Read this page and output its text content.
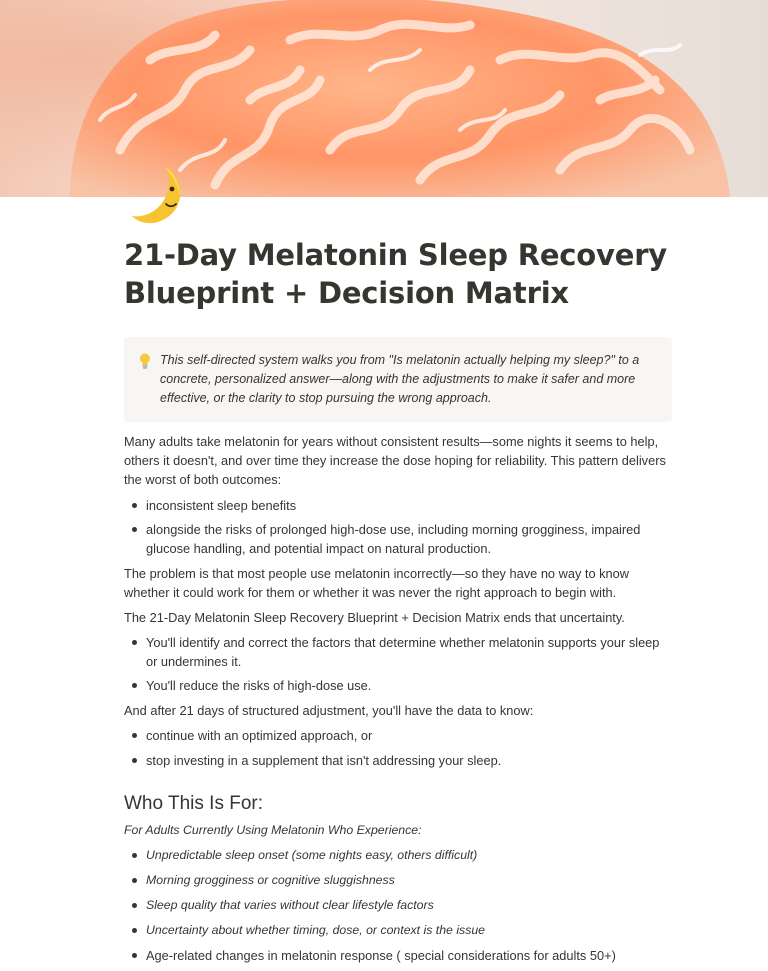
21-Day Melatonin Sleep Recovery
Blueprint + Decision Matrix
This self-directed system walks you from "Is melatonin actually helping my sleep?" to a concrete, personalized answer—along with the adjustments to make it safer and more effective, or the clarity to stop pursuing the wrong approach.

Many adults take melatonin for years without consistent results—some nights it seems to help, others it doesn't, and over time they increase the dose hoping for reliability. This pattern delivers the worst of both outcomes:

inconsistent sleep benefits
alongside the risks of prolonged high-dose use, including morning grogginess, impaired glucose handling, and potential impact on natural production.

The problem is that most people use melatonin incorrectly—so they have no way to know whether it could work for them or whether it was never the right approach to begin with.

The 21-Day Melatonin Sleep Recovery Blueprint + Decision Matrix ends that uncertainty.

You'll identify and correct the factors that determine whether melatonin supports your sleep or undermines it.
You'll reduce the risks of high-dose use.

And after 21 days of structured adjustment, you'll have the data to know:

continue with an optimized approach, or
stop investing in a supplement that isn't addressing your sleep.
Who This Is For:

For Adults Currently Using Melatonin Who Experience:

Unpredictable sleep onset (some nights easy, others difficult)
Morning grogginess or cognitive sluggishness
Sleep quality that varies without clear lifestyle factors
Uncertainty about whether timing, dose, or context is the issue
Age-related changes in melatonin response ( special considerations for adults 50+)
